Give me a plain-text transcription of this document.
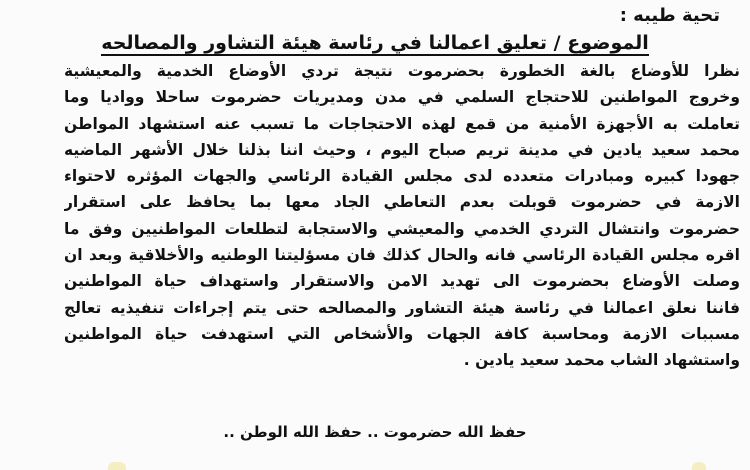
تحية طيبه :
الموضوع / تعليق اعمالنا في رئاسة هيئة التشاور والمصالحه
نظرا للأوضاع بالغة الخطورة بحضرموت نتيجة تردي الأوضاع الخدمية والمعيشية
وخروج المواطنين للاحتجاج السلمي في مدن ومديريات حضرموت ساحلا وواديا وما
تعاملت به الأجهزة الأمنية من قمع لهذه الاحتجاجات ما تسبب عنه استشهاد المواطن
محمد سعيد يادين في مدينة تريم صباح اليوم ، وحيث اننا بذلنا خلال الأشهر الماضيه
جهودا كبيره ومبادرات متعدده لدى مجلس القيادة الرئاسي والجهات المؤثره لاحتواء
الازمة في حضرموت قوبلت بعدم التعاطي الجاد معها بما يحافظ على استقرار
حضرموت وانتشال التردي الخدمي والمعيشي والاستجابة لتطلعات المواطنيين وفق ما
اقره مجلس القيادة الرئاسي فانه والحال كذلك فان مسؤليتنا الوطنيه والأخلاقية وبعد ان
وصلت الأوضاع بحضرموت الى تهديد الامن والاستقرار واستهداف حياة المواطنين
فاننا نعلق اعمالنا في رئاسة هيئة التشاور والمصالحه حتى يتم إجراءات تنفيذيه تعالج
مسببات الازمة ومحاسبة كافة الجهات والأشخاص التي استهدفت حياة المواطنين
واستشهاد الشاب محمد سعيد يادين .
حفظ الله حضرموت .. حفظ الله الوطن ..
